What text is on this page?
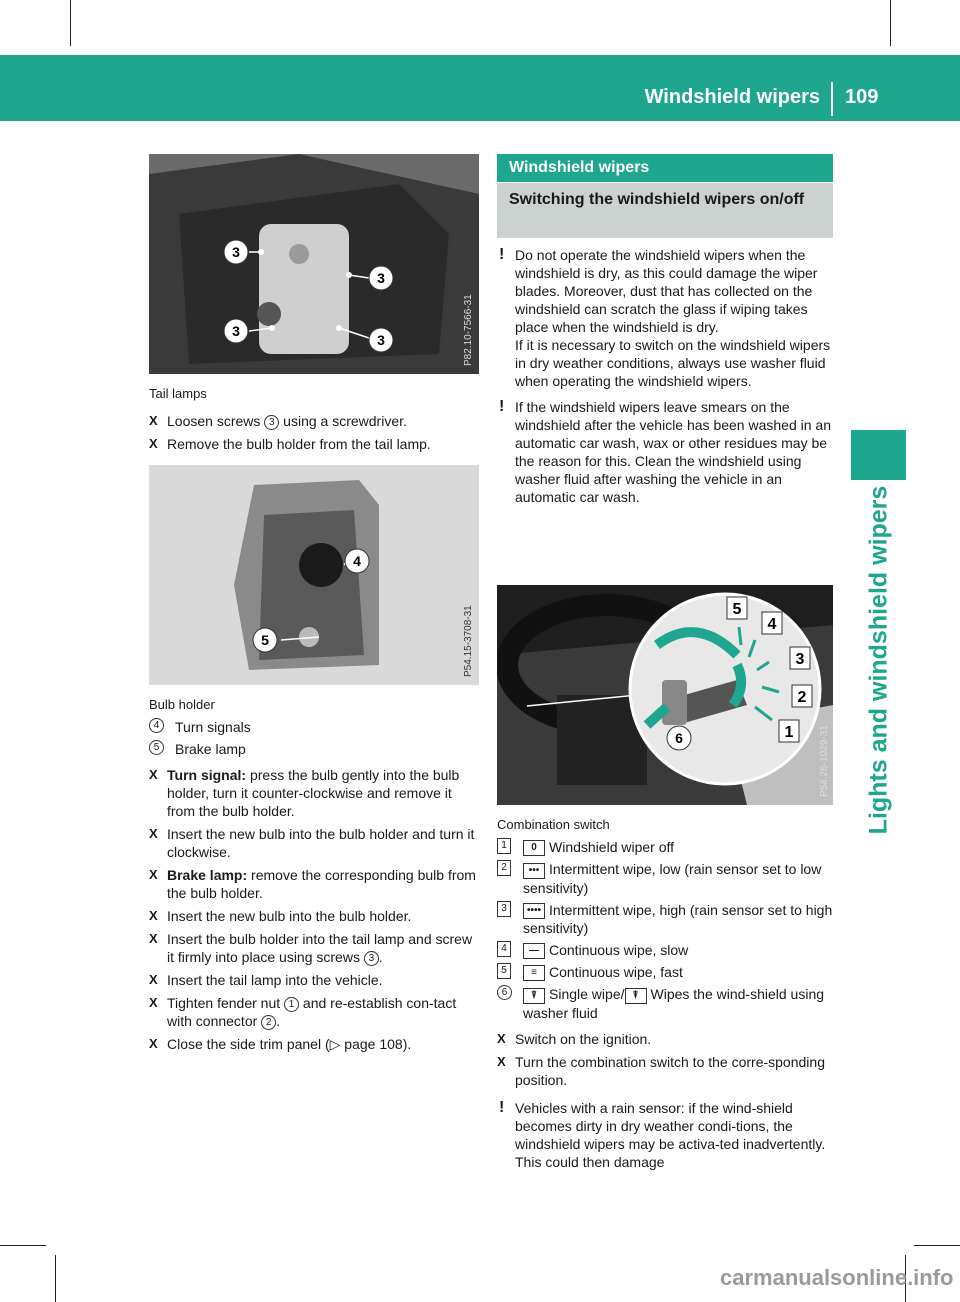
Windshield wipers 109
Lights and windshield wipers
3
3
3
3	P82.10-7566-31

Tail lamps

X Loosen screws 3 using a screwdriver.

X Remove the bulb holder from the tail lamp.

4
5	P54.15-3708-31

Bulb holder

4	Turn signals

5	Brake lamp

X Turn signal: press the bulb gently into the bulb holder, turn it counter-clockwise and remove it from the bulb holder.

X Insert the new bulb into the bulb holder and turn it clockwise.

X Brake lamp: remove the corresponding bulb from the bulb holder.

X Insert the new bulb into the bulb holder.

X Insert the bulb holder into the tail lamp and screw it firmly into place using screws 3 .

X Insert the tail lamp into the vehicle.

X Tighten fender nut 1 and re-establish con-tact with connector 2 .

X Close the side trim panel (▷ page 108).

Windshield wipers
Switching the windshield wipers on/off
! Do not operate the windshield wipers when the windshield is dry, as this could damage the wiper blades. Moreover, dust that has collected on the windshield can scratch the glass if wiping takes place when the windshield is dry.
If it is necessary to switch on the windshield wipers in dry weather conditions, always use washer fluid when operating the windshield wipers.
! If the windshield wipers leave smears on the windshield after the vehicle has been washed in an automatic car wash, wax or other residues may be the reason for this. Clean the windshield using washer fluid after washing the vehicle in an automatic car wash.
5
4
3
2
1
6	P54.26-1029-31

Combination switch

1	0 Windshield wiper off

2	••• Intermittent wipe, low (rain sensor set to low sensitivity)

3	•••• Intermittent wipe, high (rain sensor set to high sensitivity)

4	— Continuous wipe, slow

5	≡ Continuous wipe, fast

6	⍒ Single wipe/ ⍒ Wipes the wind-shield using washer fluid

X Switch on the ignition.

X Turn the combination switch to the corre-sponding position.

! Vehicles with a rain sensor: if the wind-shield becomes dirty in dry weather condi-tions, the windshield wipers may be activa-ted inadvertently. This could then damage
carmanualsonline.info
